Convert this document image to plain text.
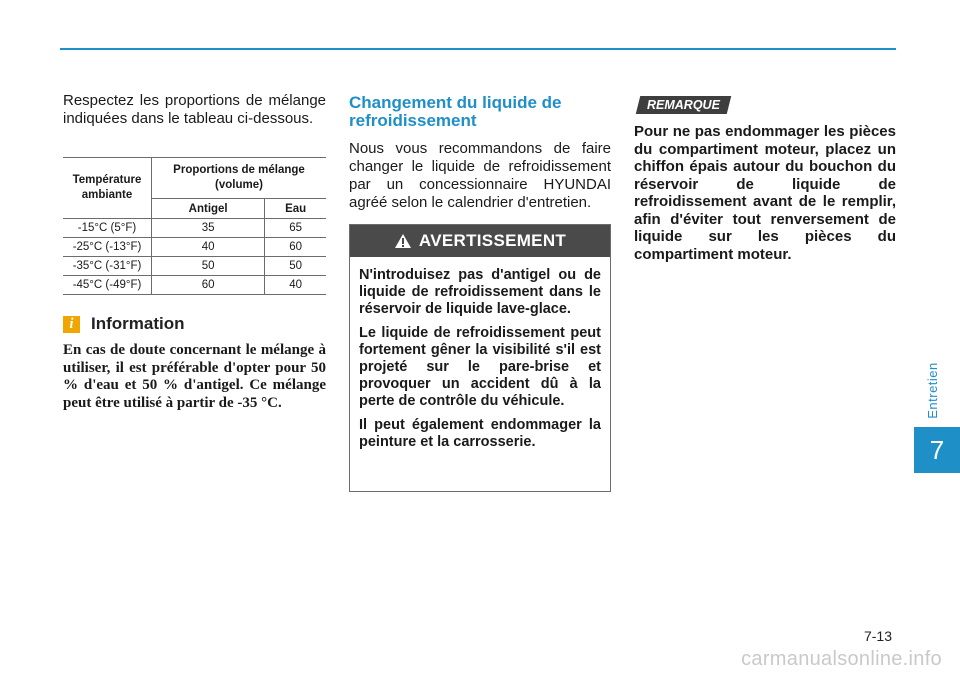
Respectez les proportions de mélange indiquées dans le tableau ci-dessous.

Température ambiante	Proportions de mélange (volume)	
	Antigel	Eau
-15°C (5°F)	35	65
-25°C (-13°F)	40	60
-35°C (-31°F)	50	50
-45°C (-49°F)	60	40
i	Information

En cas de doute concernant le mélange à utiliser, il est préférable d'opter pour 50 % d'eau et 50 % d'antigel. Ce mélange peut être utilisé à partir de -35 °C.

Changement du liquide de refroidissement

Nous vous recommandons de faire changer le liquide de refroidissement par un concessionnaire HYUNDAI agréé selon le calendrier d'entretien.

AVERTISSEMENT

N'introduisez pas d'antigel ou de liquide de refroidissement dans le réservoir de liquide lave-glace.

Le liquide de refroidissement peut fortement gêner la visibilité s'il est projeté sur le pare-brise et provoquer un accident dû à la perte de contrôle du véhicule.

Il peut également endommager la peinture et la carrosserie.

REMARQUE

Pour ne pas endommager les pièces du compartiment moteur, placez un chiffon épais autour du bouchon du réservoir de liquide de refroidissement avant de le remplir, afin d'éviter tout renversement de liquide sur les pièces du compartiment moteur.

Entretien
7
7-13
carmanualsonline.info
